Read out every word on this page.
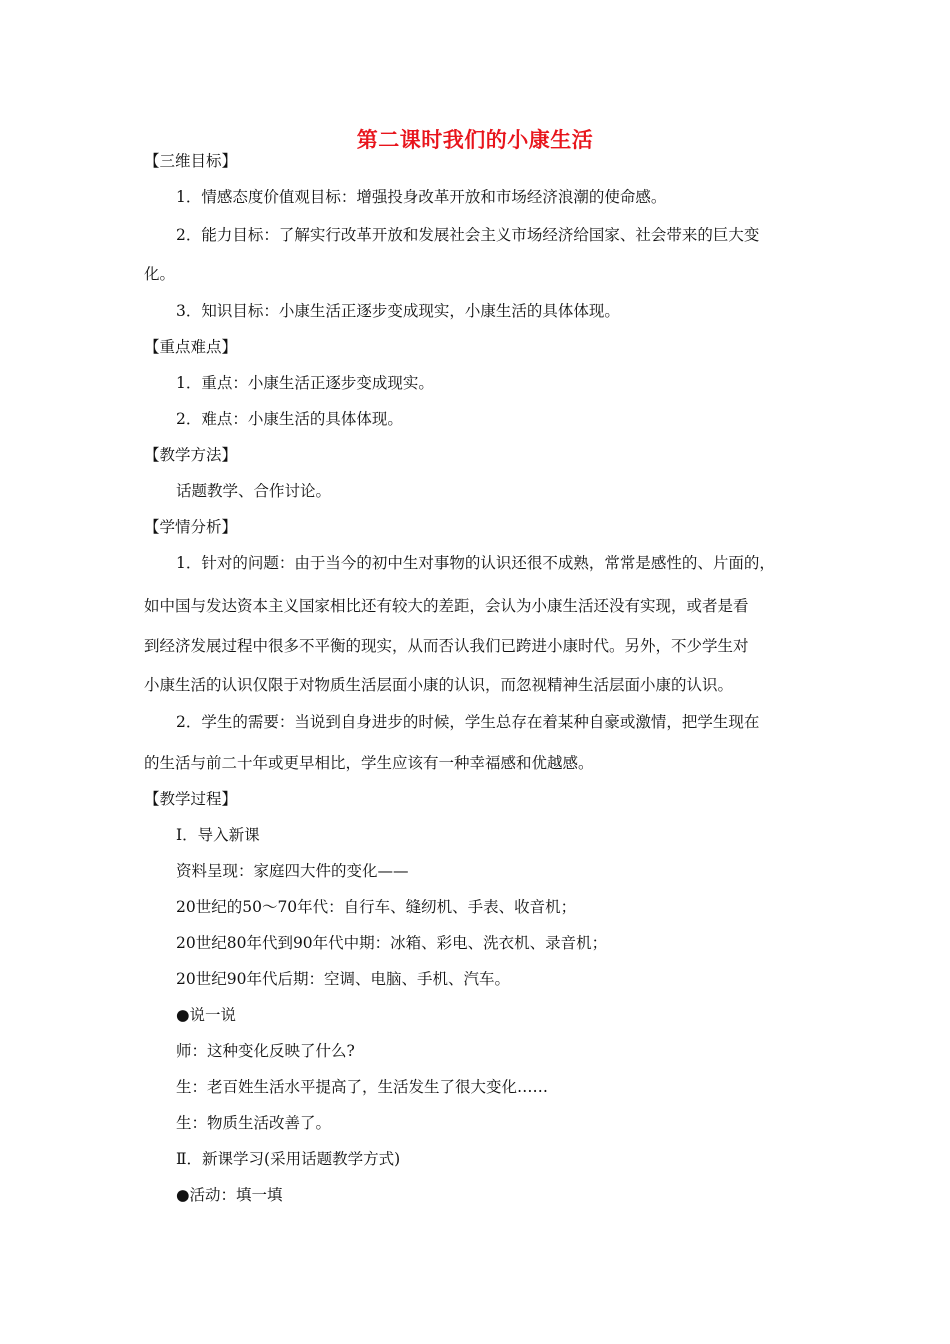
第二课时我们的小康生活
【三维目标】
1．情感态度价值观目标：增强投身改革开放和市场经济浪潮的使命感。
2．能力目标：了解实行改革开放和发展社会主义市场经济给国家、社会带来的巨大变
化。
3．知识目标：小康生活正逐步变成现实，小康生活的具体体现。
【重点难点】
1．重点：小康生活正逐步变成现实。
2．难点：小康生活的具体体现。
【教学方法】
话题教学、合作讨论。
【学情分析】
1．针对的问题：由于当今的初中生对事物的认识还很不成熟，常常是感性的、片面的，
如中国与发达资本主义国家相比还有较大的差距，会认为小康生活还没有实现，或者是看
到经济发展过程中很多不平衡的现实，从而否认我们已跨进小康时代。另外，不少学生对
小康生活的认识仅限于对物质生活层面小康的认识，而忽视精神生活层面小康的认识。
2．学生的需要：当说到自身进步的时候，学生总存在着某种自豪或激情，把学生现在
的生活与前二十年或更早相比，学生应该有一种幸福感和优越感。
【教学过程】
Ⅰ．导入新课
资料呈现：家庭四大件的变化——
20世纪的50～70年代：自行车、缝纫机、手表、收音机；
20世纪80年代到90年代中期：冰箱、彩电、洗衣机、录音机；
20世纪90年代后期：空调、电脑、手机、汽车。
●说一说
师：这种变化反映了什么?
生：老百姓生活水平提高了，生活发生了很大变化……
生：物质生活改善了。
Ⅱ．新课学习(采用话题教学方式)
●活动：填一填
